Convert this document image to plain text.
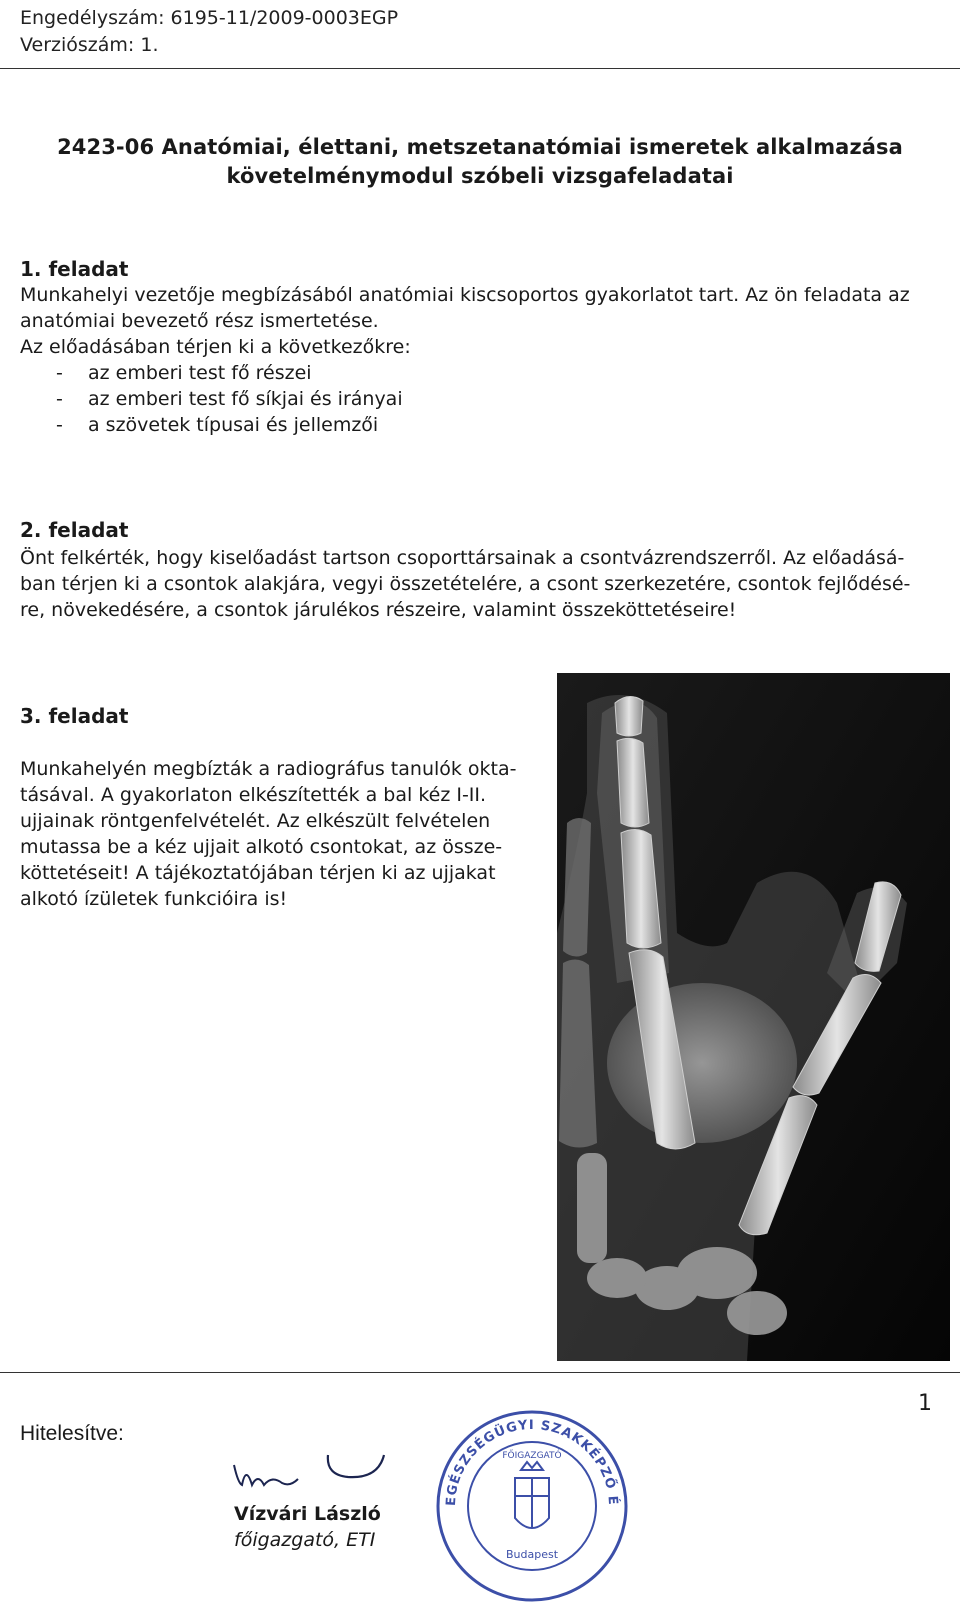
Engedélyszám: 6195-11/2009-0003EGP
Verziószám: 1.
2423-06 Anatómiai, élettani, metszetanatómiai ismeretek alkalmazása
követelménymodul szóbeli vizsgafeladatai
1. feladat
Munkahelyi vezetője megbízásából anatómiai kiscsoportos gyakorlatot tart. Az ön feladata az
anatómiai bevezető rész ismertetése.
Az előadásában térjen ki a következőkre:
- az emberi test fő részei
- az emberi test fő síkjai és irányai
- a szövetek típusai és jellemzői
2. feladat
Önt felkérték, hogy kiselőadást tartson csoporttársainak a csontvázrendszerről. Az előadásá-
ban térjen ki a csontok alakjára, vegyi összetételére, a csont szerkezetére, csontok fejlődésé-
re, növekedésére, a csontok járulékos részeire, valamint összeköttetéseire!
3. feladat
Munkahelyén megbízták a radiográfus tanulók okta-
tásával. A gyakorlaton elkészítették a bal kéz I-II.
ujjainak röntgenfelvételét. Az elkészült felvételen
mutassa be a kéz ujjait alkotó csontokat, az össze-
köttetéseit! A tájékoztatójában térjen ki az ujjakat
alkotó ízületek funkcióira is!
1
Hitelesítve:
Vízvári László
főigazgató, ETI
EGÉSZSÉGÜGYI SZAKKÉPZŐ É
FŐIGAZGATÓ
Budapest
